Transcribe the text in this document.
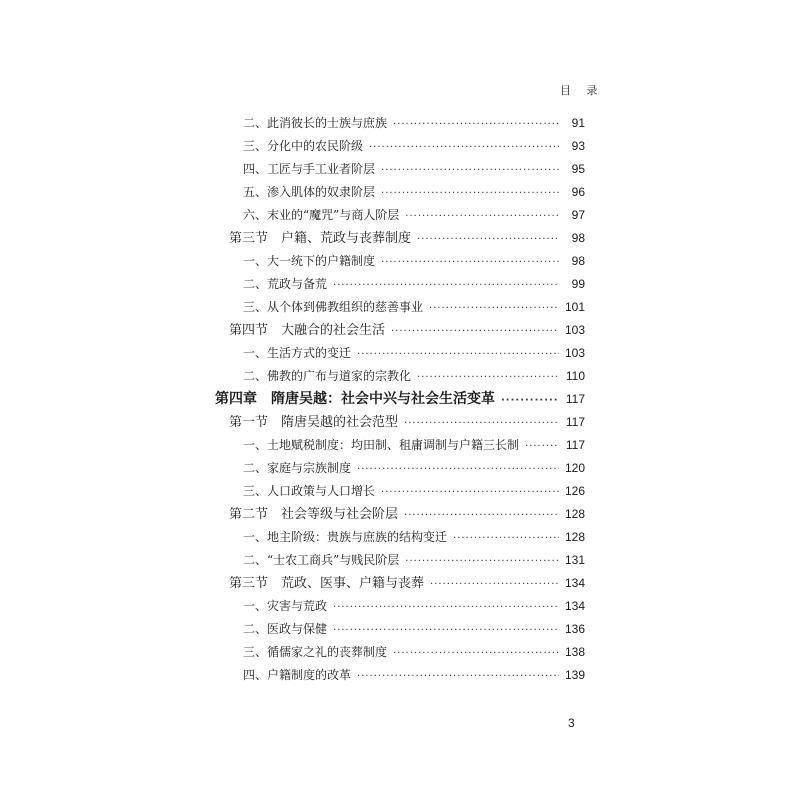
目 录
二、此消彼长的士族与庶族 ·····	91
三、分化中的农民阶级 ·····	93
四、工匠与手工业者阶层 ·····	95
五、渗入肌体的奴隶阶层 ·····	96
六、末业的“魔咒”与商人阶层 ·····	97
第三节　户籍、荒政与丧葬制度 ·····	98
一、大一统下的户籍制度 ·····	98
二、荒政与备荒 ·····	99
三、从个体到佛教组织的慈善事业 ·····	101
第四节　大融合的社会生活 ·····	103
一、生活方式的变迁 ·····	103
二、佛教的广布与道家的宗教化 ·····	110
第四章　隋唐吴越：社会中兴与社会生活变革 ·····	117
第一节　隋唐吴越的社会范型 ·····	117
一、土地赋税制度：均田制、租庸调制与户籍三长制 ·····	117
二、家庭与宗族制度 ·····	120
三、人口政策与人口增长 ·····	126
第二节　社会等级与社会阶层 ·····	128
一、地主阶级：贵族与庶族的结构变迁 ·····	128
二、“士农工商兵”与贱民阶层 ·····	131
第三节　荒政、医事、户籍与丧葬 ·····	134
一、灾害与荒政 ·····	134
二、医政与保健 ·····	136
三、循儒家之礼的丧葬制度 ·····	138
四、户籍制度的改革 ·····	139
3
